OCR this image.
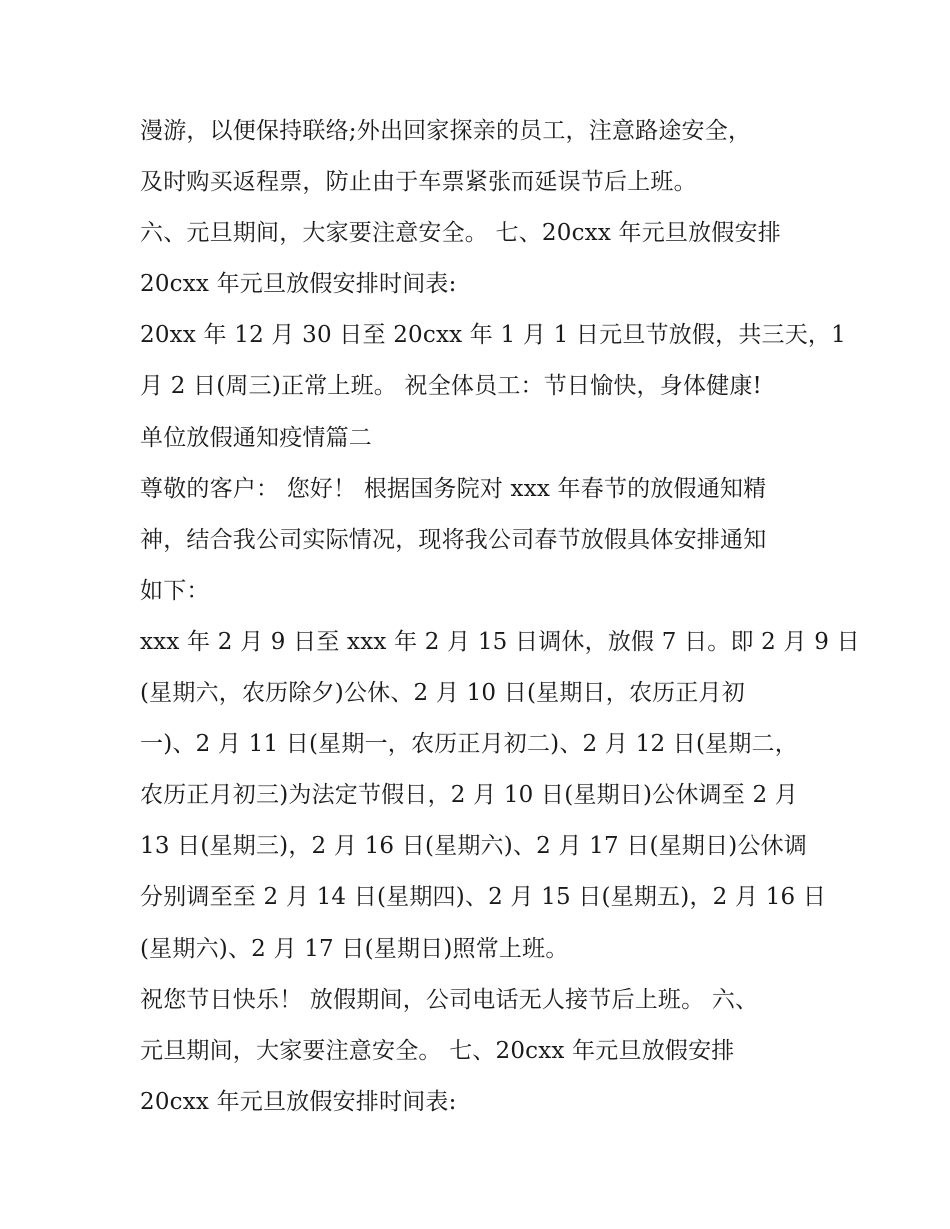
漫游，以便保持联络;外出回家探亲的员工，注意路途安全，
及时购买返程票，防止由于车票紧张而延误节后上班。
六、元旦期间，大家要注意安全。 七、20cxx 年元旦放假安排
20cxx 年元旦放假安排时间表:
20xx 年 12 月 30 日至 20cxx 年 1 月 1 日元旦节放假，共三天，1
月 2 日(周三)正常上班。 祝全体员工：节日愉快，身体健康!
单位放假通知疫情篇二
尊敬的客户： 您好！ 根据国务院对 xxx 年春节的放假通知精
神，结合我公司实际情况，现将我公司春节放假具体安排通知
如下：
xxx 年 2 月 9 日至 xxx 年 2 月 15 日调休，放假 7 日。即 2 月 9 日
(星期六，农历除夕)公休、2 月 10 日(星期日，农历正月初
一)、2 月 11 日(星期一，农历正月初二)、2 月 12 日(星期二，
农历正月初三)为法定节假日，2 月 10 日(星期日)公休调至 2 月
13 日(星期三)，2 月 16 日(星期六)、2 月 17 日(星期日)公休调
分别调至至 2 月 14 日(星期四)、2 月 15 日(星期五)，2 月 16 日
(星期六)、2 月 17 日(星期日)照常上班。
祝您节日快乐！ 放假期间，公司电话无人接节后上班。 六、
元旦期间，大家要注意安全。 七、20cxx 年元旦放假安排
20cxx 年元旦放假安排时间表:
